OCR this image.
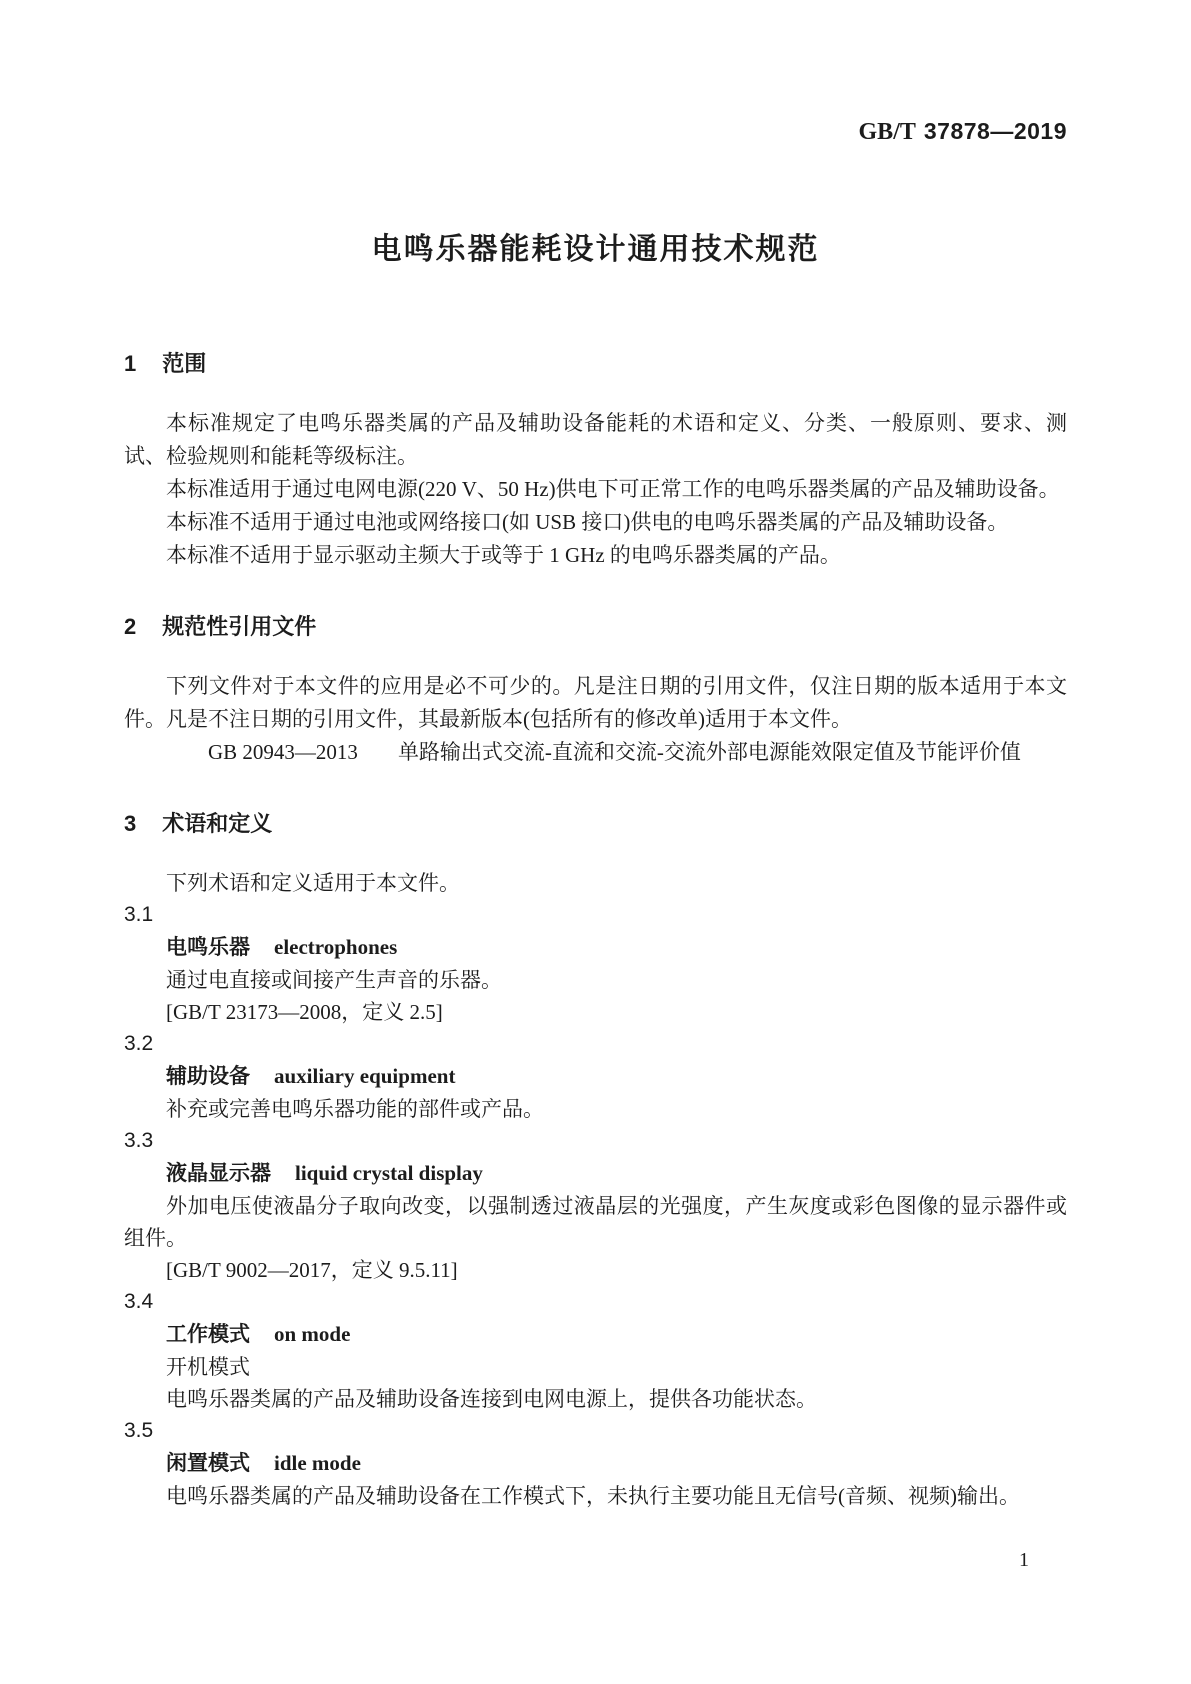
GB/T 37878—2019
电鸣乐器能耗设计通用技术规范
1 范围

本标准规定了电鸣乐器类属的产品及辅助设备能耗的术语和定义、分类、一般原则、要求、测试、检验规则和能耗等级标注。

本标准适用于通过电网电源(220 V、50 Hz)供电下可正常工作的电鸣乐器类属的产品及辅助设备。

本标准不适用于通过电池或网络接口(如 USB 接口)供电的电鸣乐器类属的产品及辅助设备。

本标准不适用于显示驱动主频大于或等于 1 GHz 的电鸣乐器类属的产品。

2 规范性引用文件

下列文件对于本文件的应用是必不可少的。凡是注日期的引用文件，仅注日期的版本适用于本文件。凡是不注日期的引用文件，其最新版本(包括所有的修改单)适用于本文件。

GB 20943—2013 单路输出式交流-直流和交流-交流外部电源能效限定值及节能评价值

3 术语和定义

下列术语和定义适用于本文件。

3.1

电鸣乐器 electrophones

通过电直接或间接产生声音的乐器。

[GB/T 23173—2008，定义 2.5]

3.2

辅助设备 auxiliary equipment

补充或完善电鸣乐器功能的部件或产品。

3.3

液晶显示器 liquid crystal display

外加电压使液晶分子取向改变，以强制透过液晶层的光强度，产生灰度或彩色图像的显示器件或组件。

[GB/T 9002—2017，定义 9.5.11]

3.4

工作模式 on mode

开机模式

电鸣乐器类属的产品及辅助设备连接到电网电源上，提供各功能状态。

3.5

闲置模式 idle mode

电鸣乐器类属的产品及辅助设备在工作模式下，未执行主要功能且无信号(音频、视频)输出。

1
